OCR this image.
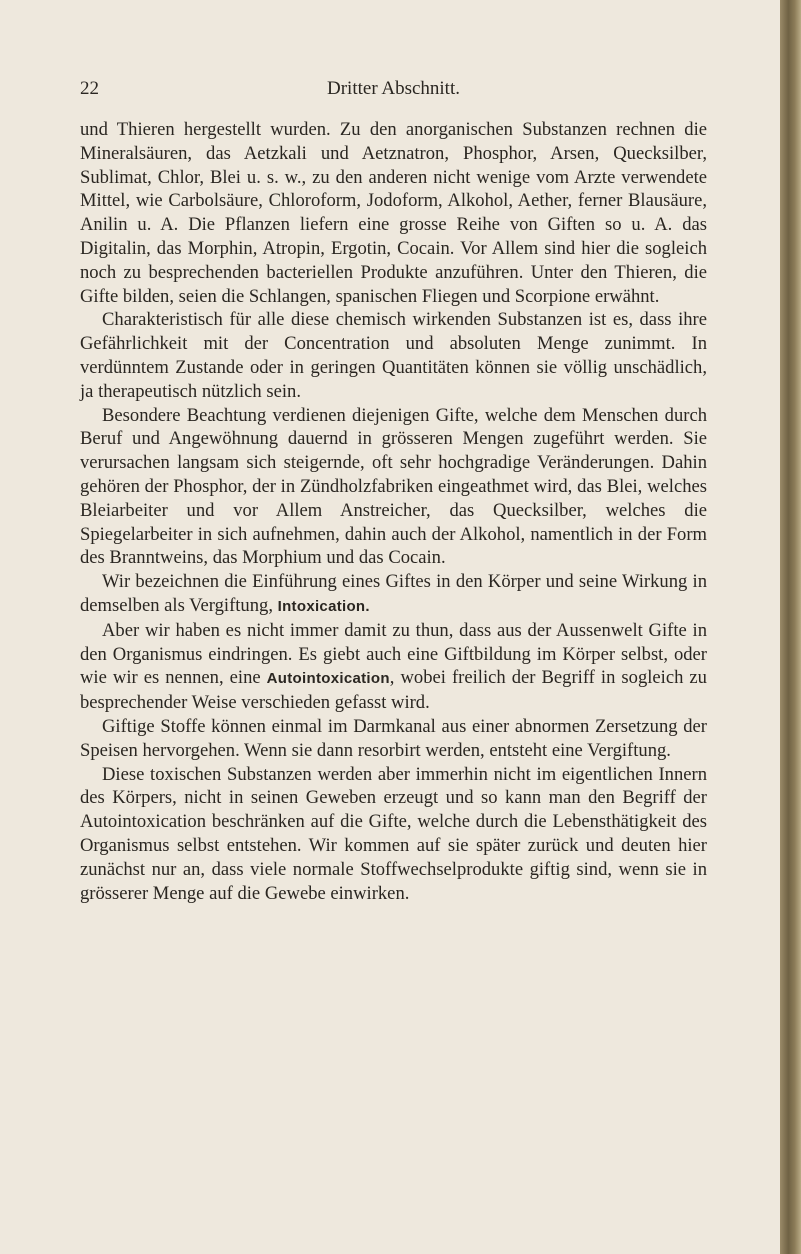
22	Dritter Abschnitt.

und Thieren hergestellt wurden. Zu den anorganischen Substanzen rechnen die Mineralsäuren, das Aetzkali und Aetznatron, Phosphor, Arsen, Quecksilber, Sublimat, Chlor, Blei u. s. w., zu den anderen nicht wenige vom Arzte verwendete Mittel, wie Carbolsäure, Chloroform, Jodoform, Alkohol, Aether, ferner Blausäure, Anilin u. A. Die Pflanzen liefern eine grosse Reihe von Giften so u. A. das Digitalin, das Morphin, Atropin, Ergotin, Cocain. Vor Allem sind hier die sogleich noch zu besprechenden bacteriellen Produkte anzuführen. Unter den Thieren, die Gifte bilden, seien die Schlangen, spanischen Fliegen und Scorpione erwähnt.

Charakteristisch für alle diese chemisch wirkenden Substanzen ist es, dass ihre Gefährlichkeit mit der Concentration und absoluten Menge zunimmt. In verdünntem Zustande oder in geringen Quantitäten können sie völlig unschädlich, ja therapeutisch nützlich sein.

Besondere Beachtung verdienen diejenigen Gifte, welche dem Menschen durch Beruf und Angewöhnung dauernd in grösseren Mengen zugeführt werden. Sie verursachen langsam sich steigernde, oft sehr hochgradige Veränderungen. Dahin gehören der Phosphor, der in Zündholzfabriken eingeathmet wird, das Blei, welches Bleiarbeiter und vor Allem Anstreicher, das Quecksilber, welches die Spiegelarbeiter in sich aufnehmen, dahin auch der Alkohol, namentlich in der Form des Branntweins, das Morphium und das Cocain.

Wir bezeichnen die Einführung eines Giftes in den Körper und seine Wirkung in demselben als Vergiftung, Intoxication.

Aber wir haben es nicht immer damit zu thun, dass aus der Aussenwelt Gifte in den Organismus eindringen. Es giebt auch eine Giftbildung im Körper selbst, oder wie wir es nennen, eine Autointoxication, wobei freilich der Begriff in sogleich zu besprechender Weise verschieden gefasst wird.

Giftige Stoffe können einmal im Darmkanal aus einer abnormen Zersetzung der Speisen hervorgehen. Wenn sie dann resorbirt werden, entsteht eine Vergiftung.

Diese toxischen Substanzen werden aber immerhin nicht im eigentlichen Innern des Körpers, nicht in seinen Geweben erzeugt und so kann man den Begriff der Autointoxication beschränken auf die Gifte, welche durch die Lebensthätigkeit des Organismus selbst entstehen. Wir kommen auf sie später zurück und deuten hier zunächst nur an, dass viele normale Stoffwechselprodukte giftig sind, wenn sie in grösserer Menge auf die Gewebe einwirken.
